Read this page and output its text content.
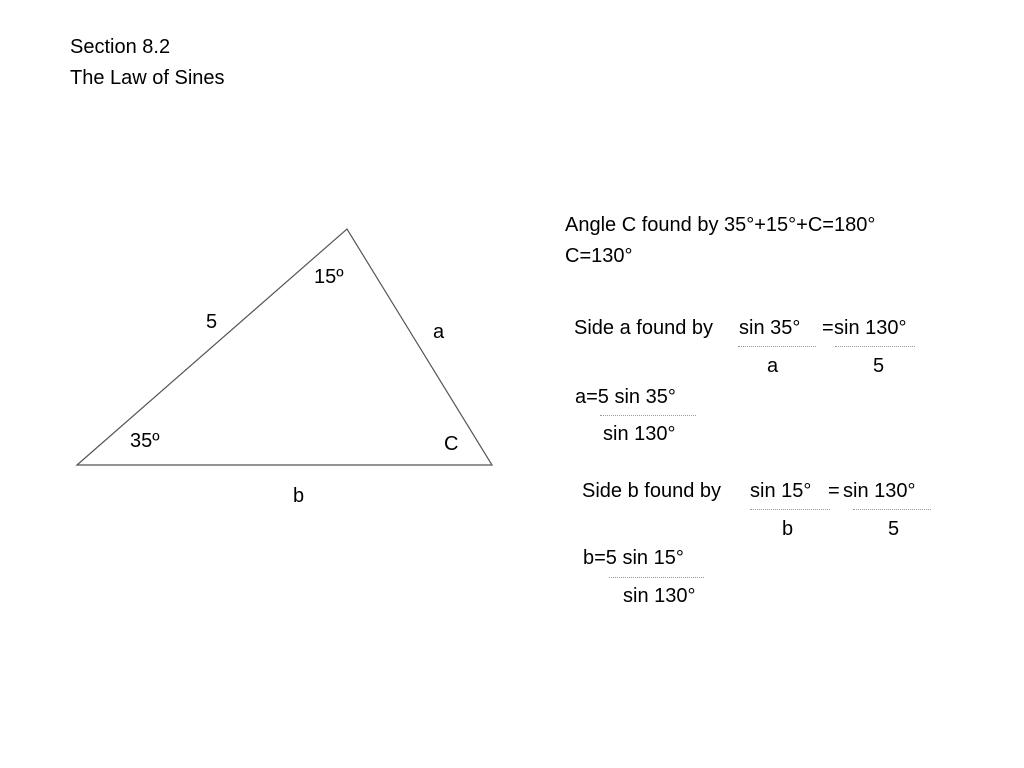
Section 8.2
The Law of Sines
15º
5	a
35º	C
b
Angle C found by 35°+15°+C=180°
C=130°
Side a found by sin 35° = sin 130°
a	5
a=5 sin 35°
sin 130°
Side b found by sin 15° = sin 130°
b	5
b=5 sin 15°
sin 130°
